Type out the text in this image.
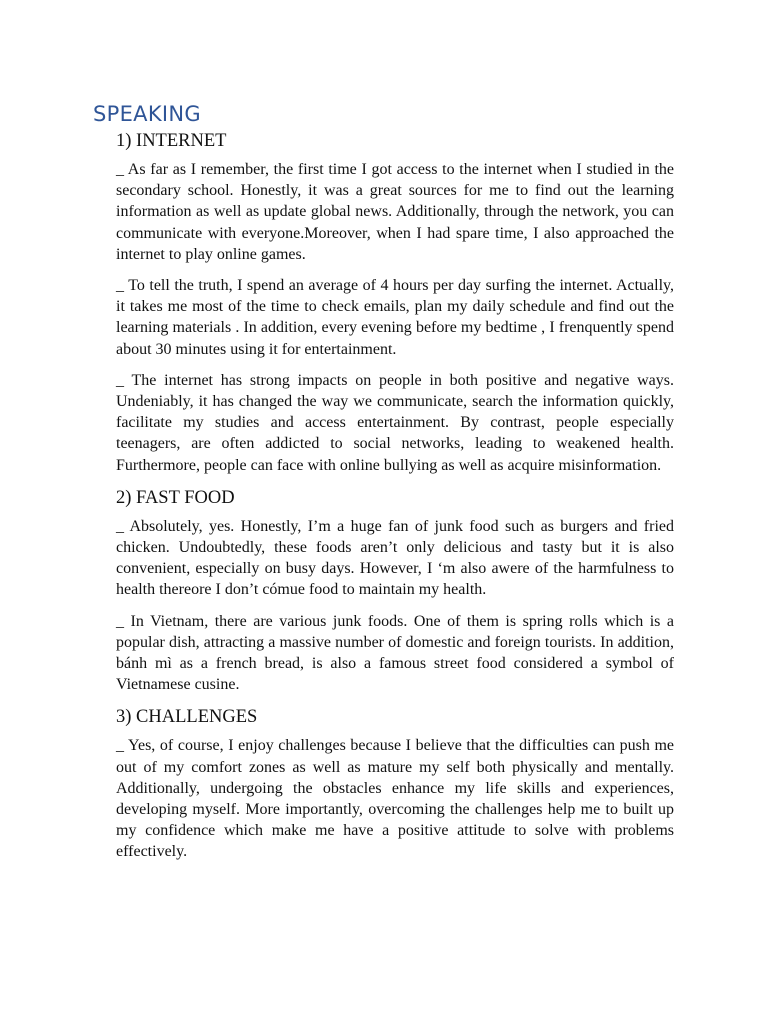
SPEAKING
1) INTERNET

_ As far as I remember, the first time I got access to the internet when I studied in the secondary school. Honestly, it was a great sources for me to find out the learning information as well as update global news. Additionally, through the network, you can communicate with everyone.Moreover, when I had spare time, I also approached the internet to play online games.

_ To tell the truth, I spend an average of 4 hours per day surfing the internet. Actually, it takes me most of the time to check emails, plan my daily schedule and find out the learning materials . In addition, every evening before my bedtime , I frenquently spend about 30 minutes using it for entertainment.

_ The internet has strong impacts on people in both positive and negative ways. Undeniably, it has changed the way we communicate, search the information quickly, facilitate my studies and access entertainment. By contrast, people especially teenagers, are often addicted to social networks, leading to weakened health. Furthermore, people can face with online bullying as well as acquire misinformation.

2) FAST FOOD

_ Absolutely, yes. Honestly, I’m a huge fan of junk food such as burgers and fried chicken. Undoubtedly, these foods aren’t only delicious and tasty but it is also convenient, especially on busy days. However, I ‘m also awere of the harmfulness to health thereore I don’t cómue food to maintain my health.

_ In Vietnam, there are various junk foods. One of them is spring rolls which is a popular dish, attracting a massive number of domestic and foreign tourists. In addition, bánh mì as a french bread, is also a famous street food considered a symbol of Vietnamese cusine.

3) CHALLENGES

_ Yes, of course, I enjoy challenges because I believe that the difficulties can push me out of my comfort zones as well as mature my self both physically and mentally. Additionally, undergoing the obstacles enhance my life skills and experiences, developing myself. More importantly, overcoming the challenges help me to built up my confidence which make me have a positive attitude to solve with problems effectively.
